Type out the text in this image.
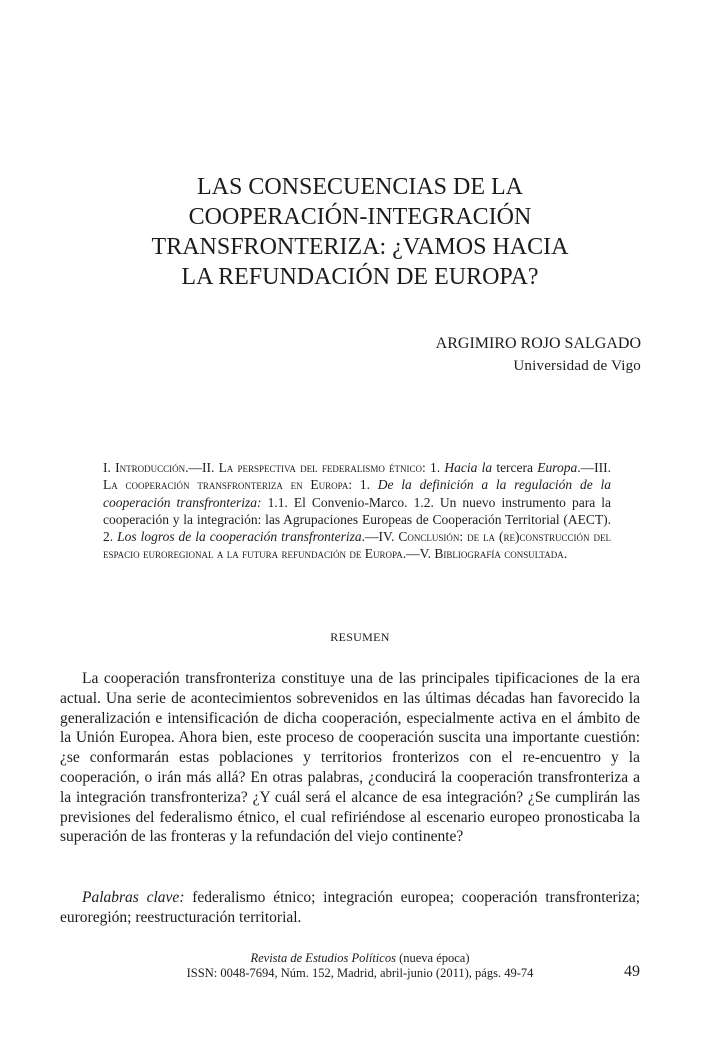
LAS CONSECUENCIAS DE LA
COOPERACIÓN-INTEGRACIÓN
TRANSFRONTERIZA: ¿VAMOS HACIA
LA REFUNDACIÓN DE EUROPA?
ARGIMIRO ROJO SALGADO
Universidad de Vigo

I. Introducción.—II. La perspectiva del federalismo étnico: 1. Hacia la tercera Europa.—III. La cooperación transfronteriza en Europa: 1. De la definición a la regulación de la cooperación transfronteriza: 1.1. El Convenio-Marco. 1.2. Un nuevo instrumento para la cooperación y la integración: las Agrupaciones Europeas de Cooperación Territorial (AECT). 2. Los logros de la cooperación transfronteriza.—IV. Conclusión: de la (re)construcción del espacio euroregional a la futura refundación de Europa.—V. Bibliografía consultada.

RESUMEN

La cooperación transfronteriza constituye una de las principales tipificaciones de la era actual. Una serie de acontecimientos sobrevenidos en las últimas décadas han favorecido la generalización e intensificación de dicha cooperación, especialmente activa en el ámbito de la Unión Europea. Ahora bien, este proceso de cooperación suscita una importante cuestión: ¿se conformarán estas poblaciones y territorios fronterizos con el re-encuentro y la cooperación, o irán más allá? En otras palabras, ¿conducirá la cooperación transfronteriza a la integración transfronteriza? ¿Y cuál será el alcance de esa integración? ¿Se cumplirán las previsiones del federalismo étnico, el cual refiriéndose al escenario europeo pronosticaba la superación de las fronteras y la refundación del viejo continente?

Palabras clave: federalismo étnico; integración europea; cooperación transfronteriza; euroregión; reestructuración territorial.

Revista de Estudios Políticos (nueva época)
ISSN: 0048-7694, Núm. 152, Madrid, abril-junio (2011), págs. 49-74	49
